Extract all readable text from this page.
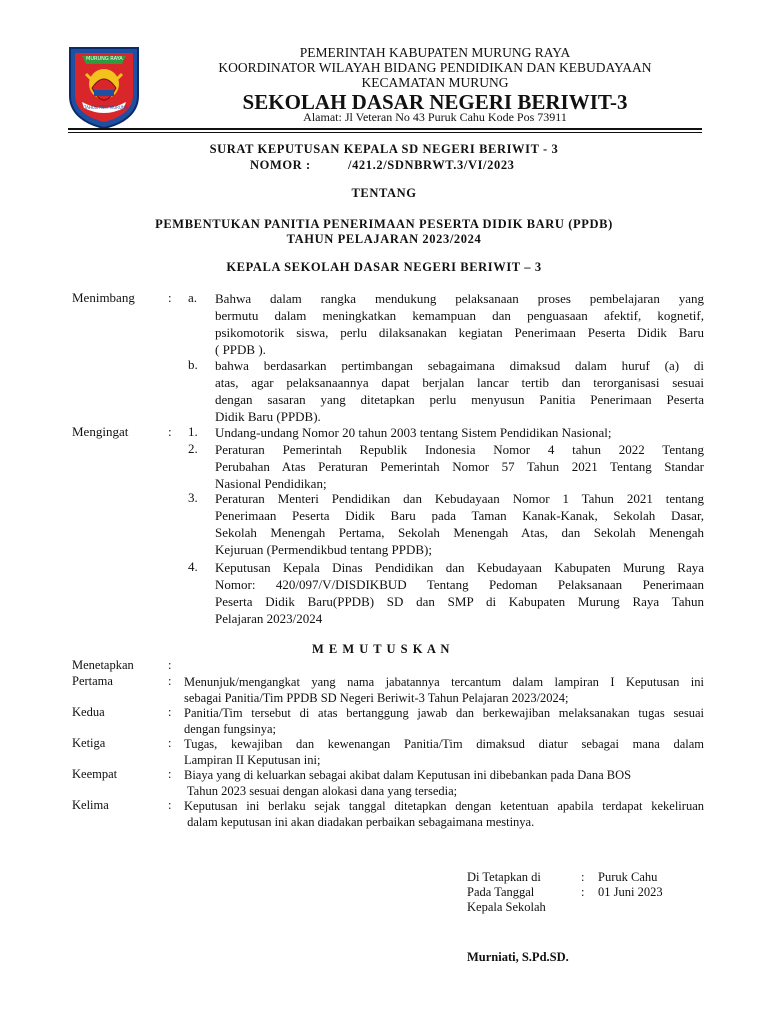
MURUNG RAYA
TAHUN ASIH MURUNG
PEMERINTAH KABUPATEN MURUNG RAYA
KOORDINATOR WILAYAH BIDANG PENDIDIKAN DAN KEBUDAYAAN
KECAMATAN MURUNG
SEKOLAH DASAR NEGERI BERIWIT-3
Alamat: Jl Veteran No 43 Puruk Cahu Kode Pos 73911
SURAT KEPUTUSAN KEPALA SD NEGERI BERIWIT - 3
NOMOR :	/421.2/SDNBRWT.3/VI/2023
TENTANG
PEMBENTUKAN PANITIA PENERIMAAN PESERTA DIDIK BARU (PPDB)
TAHUN PELAJARAN 2023/2024
KEPALA SEKOLAH DASAR NEGERI BERIWIT – 3
Menimbang	: a. Bahwa dalam rangka mendukung pelaksanaan proses pembelajaran yang
bermutu dalam meningkatkan kemampuan dan penguasaan afektif, kognetif,
psikomotorik siswa, perlu dilaksanakan kegiatan Penerimaan Peserta Didik Baru
( PPDB ).
b. bahwa berdasarkan pertimbangan sebagaimana dimaksud dalam huruf (a) di
atas, agar pelaksanaannya dapat berjalan lancar tertib dan terorganisasi sesuai
dengan sasaran yang ditetapkan perlu menyusun Panitia Penerimaan Peserta
Didik Baru (PPDB).
Mengingat	: 1. Undang-undang Nomor 20 tahun 2003 tentang Sistem Pendidikan Nasional;
2. Peraturan Pemerintah Republik Indonesia Nomor 4 tahun 2022 Tentang
Perubahan Atas Peraturan Pemerintah Nomor 57 Tahun 2021 Tentang Standar
Nasional Pendidikan;
3. Peraturan Menteri Pendidikan dan Kebudayaan Nomor 1 Tahun 2021 tentang
Penerimaan Peserta Didik Baru pada Taman Kanak-Kanak, Sekolah Dasar,
Sekolah Menengah Pertama, Sekolah Menengah Atas, dan Sekolah Menengah
Kejuruan (Permendikbud tentang PPDB);
4. Keputusan Kepala Dinas Pendidikan dan Kebudayaan Kabupaten Murung Raya
Nomor: 420/097/V/DISDIKBUD Tentang Pedoman Pelaksanaan Penerimaan
Peserta Didik Baru(PPDB) SD dan SMP di Kabupaten Murung Raya Tahun
Pelajaran 2023/2024
M E M U T U S K A N
Menetapkan	:
Pertama	: Menunjuk/mengangkat yang nama jabatannya tercantum dalam lampiran I Keputusan ini
sebagai Panitia/Tim PPDB SD Negeri Beriwit-3 Tahun Pelajaran 2023/2024;
Kedua	: Panitia/Tim tersebut di atas bertanggung jawab dan berkewajiban melaksanakan tugas sesuai
dengan fungsinya;
Ketiga	: Tugas, kewajiban dan kewenangan Panitia/Tim dimaksud diatur sebagai mana dalam
Lampiran II Keputusan ini;
Keempat	: Biaya yang di keluarkan sebagai akibat dalam Keputusan ini dibebankan pada Dana BOS
Tahun 2023 sesuai dengan alokasi dana yang tersedia;
Kelima	: Keputusan ini berlaku sejak tanggal ditetapkan dengan ketentuan apabila terdapat kekeliruan
dalam keputusan ini akan diadakan perbaikan sebagaimana mestinya.
Di Tetapkan di	: Puruk Cahu
Pada Tanggal	: 01 Juni 2023
Kepala Sekolah
Murniati, S.Pd.SD.
